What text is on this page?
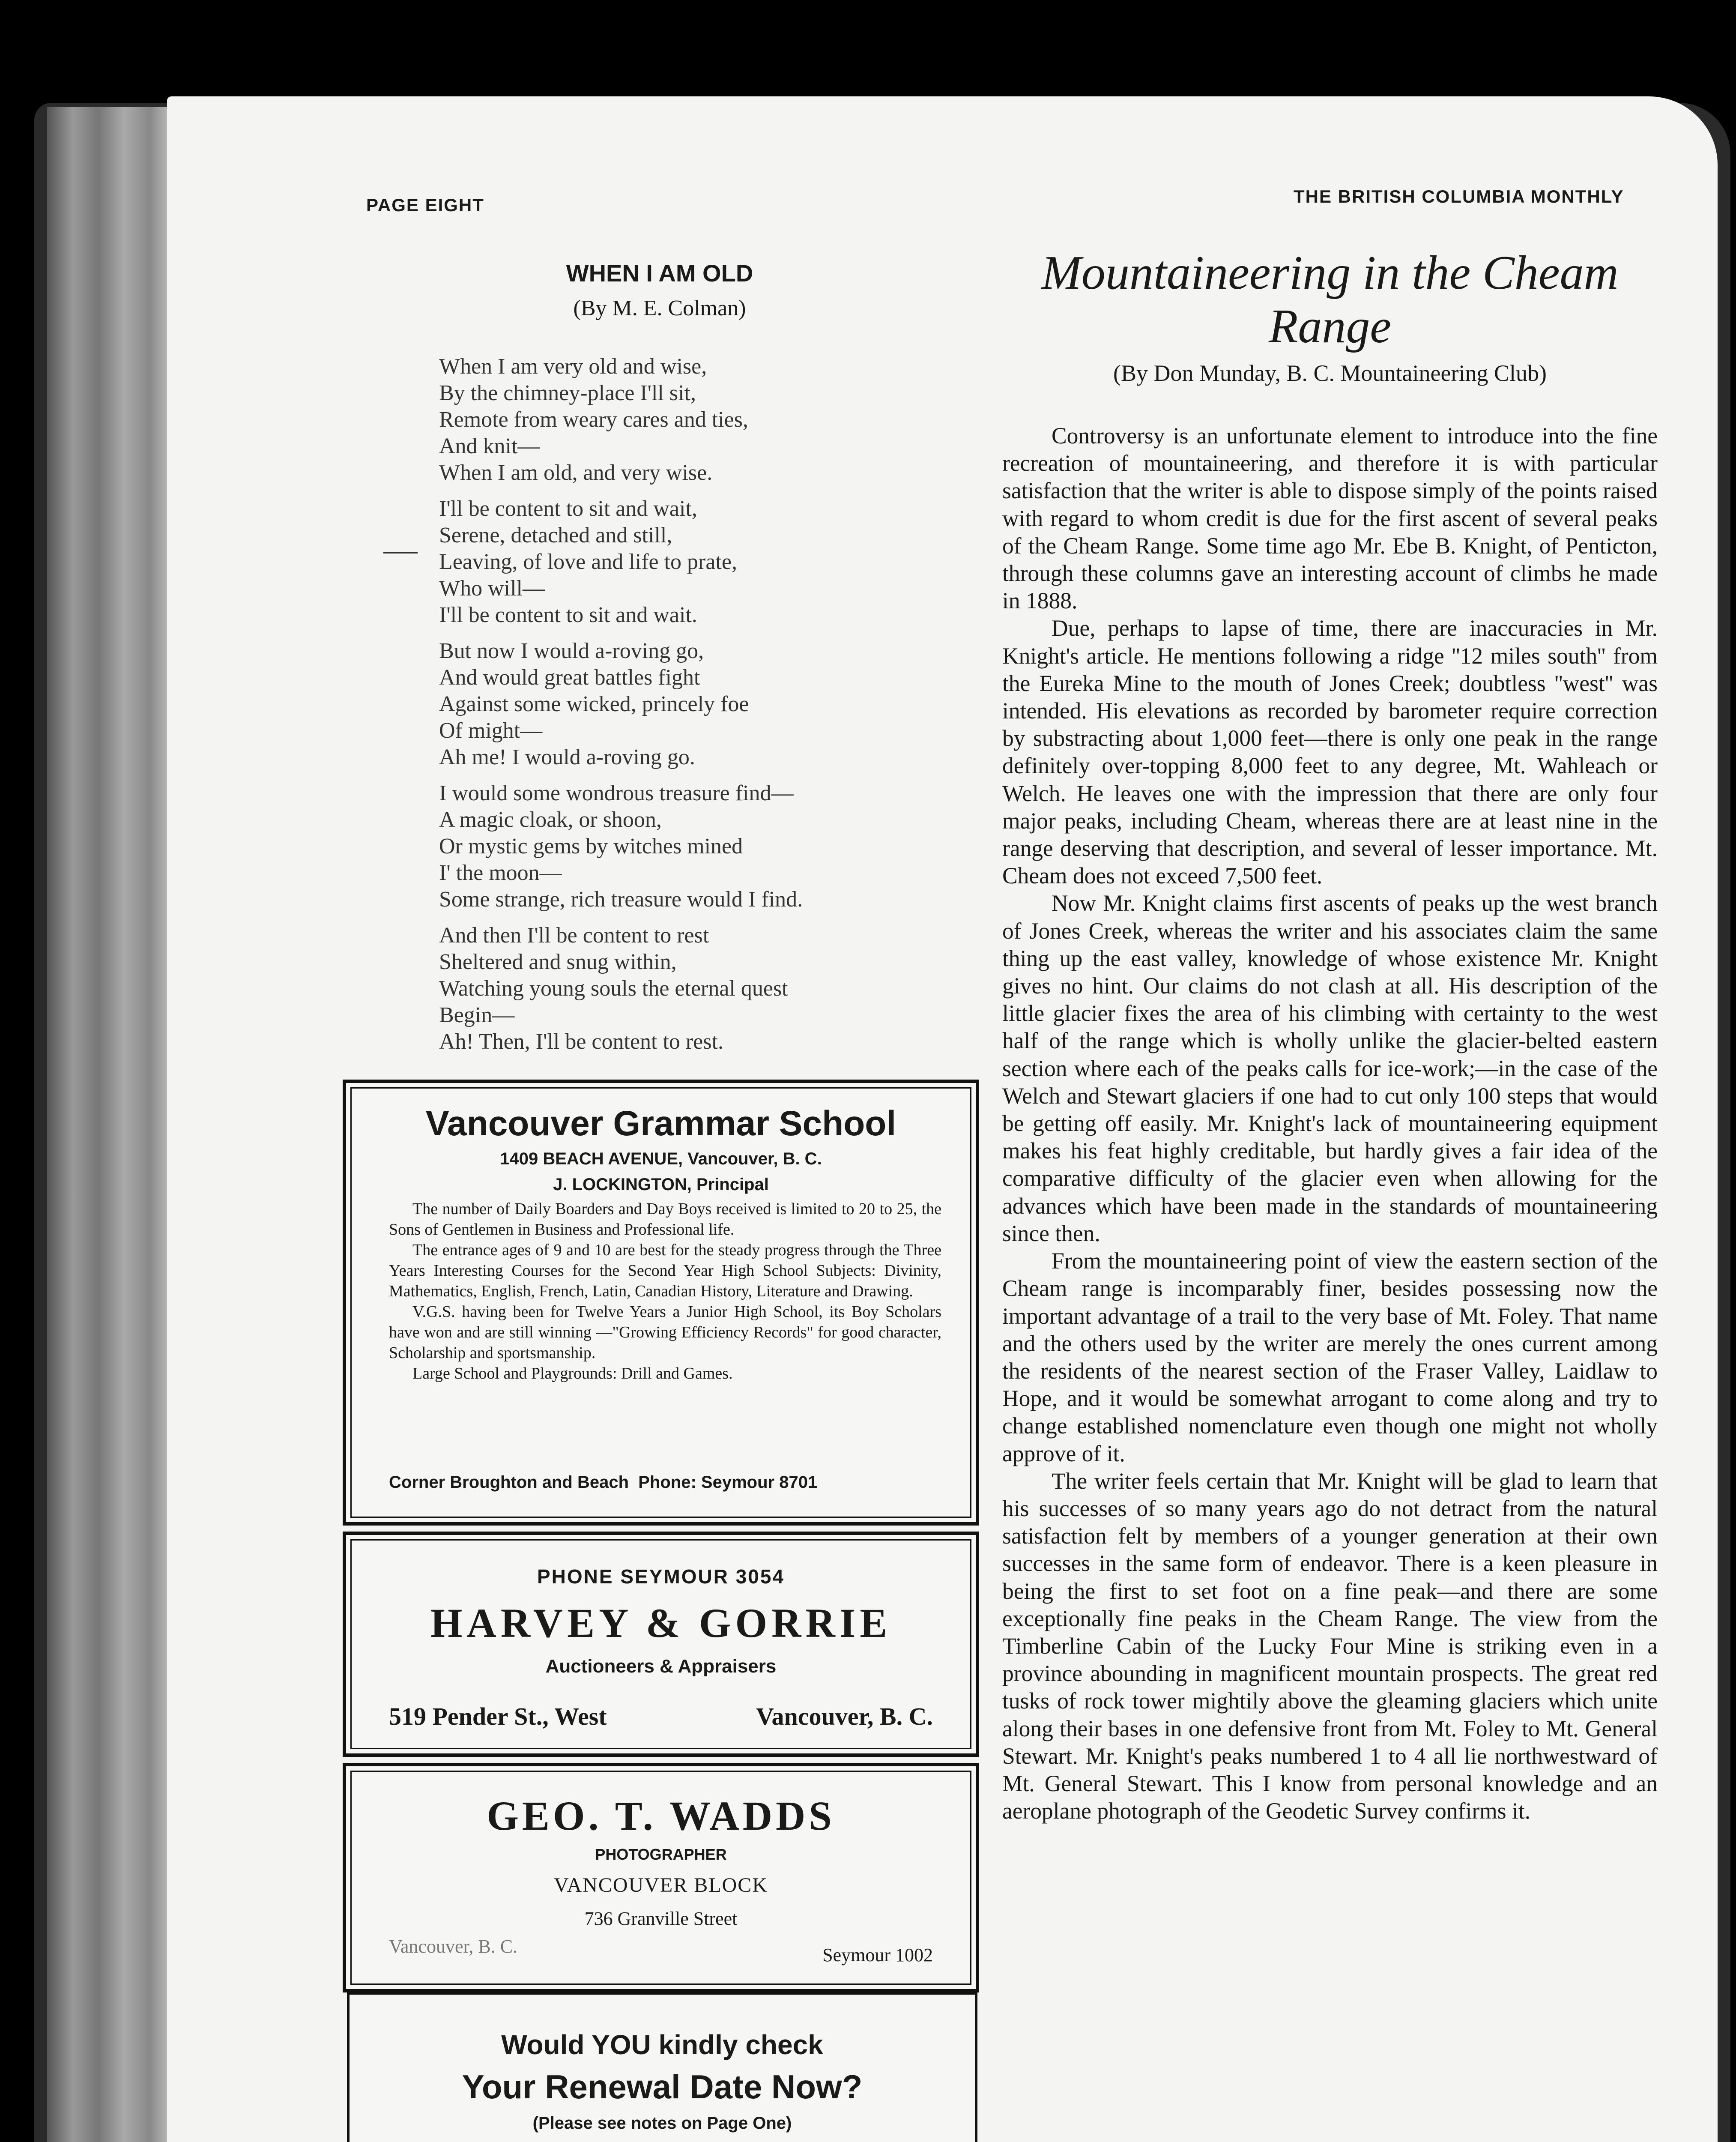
PAGE EIGHT	THE BRITISH COLUMBIA MONTHLY
WHEN I AM OLD
(By M. E. Colman)
When I am very old and wise,
By the chimney-place I'll sit,
Remote from weary cares and ties,
And knit—
When I am old, and very wise.
I'll be content to sit and wait,
Serene, detached and still,
Leaving, of love and life to prate,
Who will—
I'll be content to sit and wait.
But now I would a-roving go,
And would great battles fight
Against some wicked, princely foe
Of might—
Ah me! I would a-roving go.
I would some wondrous treasure find—
A magic cloak, or shoon,
Or mystic gems by witches mined
I' the moon—
Some strange, rich treasure would I find.
And then I'll be content to rest
Sheltered and snug within,
Watching young souls the eternal quest
Begin—
Ah! Then, I'll be content to rest.
Vancouver Grammar School
1409 BEACH AVENUE, Vancouver, B. C.
J. LOCKINGTON, Principal

The number of Daily Boarders and Day Boys received is limited to 20 to 25, the Sons of Gentlemen in Business and Professional life.

The entrance ages of 9 and 10 are best for the steady progress through the Three Years Interesting Courses for the Second Year High School Subjects: Divinity, Mathematics, English, French, Latin, Canadian History, Literature and Drawing.

V.G.S. having been for Twelve Years a Junior High School, its Boy Scholars have won and are still winning —"Growing Efficiency Records" for good character, Scholarship and sportsmanship.

Large School and Playgrounds: Drill and Games.

Corner Broughton and Beach Phone: Seymour 8701
PHONE SEYMOUR 3054
HARVEY & GORRIE
Auctioneers & Appraisers
519 Pender St., West	Vancouver, B. C.
GEO. T. WADDS
PHOTOGRAPHER
VANCOUVER BLOCK
736 Granville Street
Vancouver, B. C.	Seymour 1002
Would YOU kindly check
Your Renewal Date Now?
(Please see notes on Page One)
Mountaineering in the Cheam Range
(By Don Munday, B. C. Mountaineering Club)

Controversy is an unfortunate element to introduce into the fine recreation of mountaineering, and therefore it is with particular satisfaction that the writer is able to dispose simply of the points raised with regard to whom credit is due for the first ascent of several peaks of the Cheam Range. Some time ago Mr. Ebe B. Knight, of Penticton, through these columns gave an interesting account of climbs he made in 1888.

Due, perhaps to lapse of time, there are inaccuracies in Mr. Knight's article. He mentions following a ridge ''12 miles south'' from the Eureka Mine to the mouth of Jones Creek; doubtless ''west'' was intended. His elevations as recorded by barometer require correction by substracting about 1,000 feet—there is only one peak in the range definitely over-topping 8,000 feet to any degree, Mt. Wahleach or Welch. He leaves one with the impression that there are only four major peaks, including Cheam, whereas there are at least nine in the range deserving that description, and several of lesser importance. Mt. Cheam does not exceed 7,500 feet.

Now Mr. Knight claims first ascents of peaks up the west branch of Jones Creek, whereas the writer and his associates claim the same thing up the east valley, knowledge of whose existence Mr. Knight gives no hint. Our claims do not clash at all. His description of the little glacier fixes the area of his climbing with certainty to the west half of the range which is wholly unlike the glacier-belted eastern section where each of the peaks calls for ice-work;—in the case of the Welch and Stewart glaciers if one had to cut only 100 steps that would be getting off easily. Mr. Knight's lack of mountaineering equipment makes his feat highly creditable, but hardly gives a fair idea of the comparative difficulty of the glacier even when allowing for the advances which have been made in the standards of mountaineering since then.

From the mountaineering point of view the eastern section of the Cheam range is incomparably finer, besides possessing now the important advantage of a trail to the very base of Mt. Foley. That name and the others used by the writer are merely the ones current among the residents of the nearest section of the Fraser Valley, Laidlaw to Hope, and it would be somewhat arrogant to come along and try to change established nomenclature even though one might not wholly approve of it.

The writer feels certain that Mr. Knight will be glad to learn that his successes of so many years ago do not detract from the natural satisfaction felt by members of a younger generation at their own successes in the same form of endeavor. There is a keen pleasure in being the first to set foot on a fine peak—and there are some exceptionally fine peaks in the Cheam Range. The view from the Timberline Cabin of the Lucky Four Mine is striking even in a province abounding in magnificent mountain prospects. The great red tusks of rock tower mightily above the gleaming glaciers which unite along their bases in one defensive front from Mt. Foley to Mt. General Stewart. Mr. Knight's peaks numbered 1 to 4 all lie northwestward of Mt. General Stewart. This I know from personal knowledge and an aeroplane photograph of the Geodetic Survey confirms it.
